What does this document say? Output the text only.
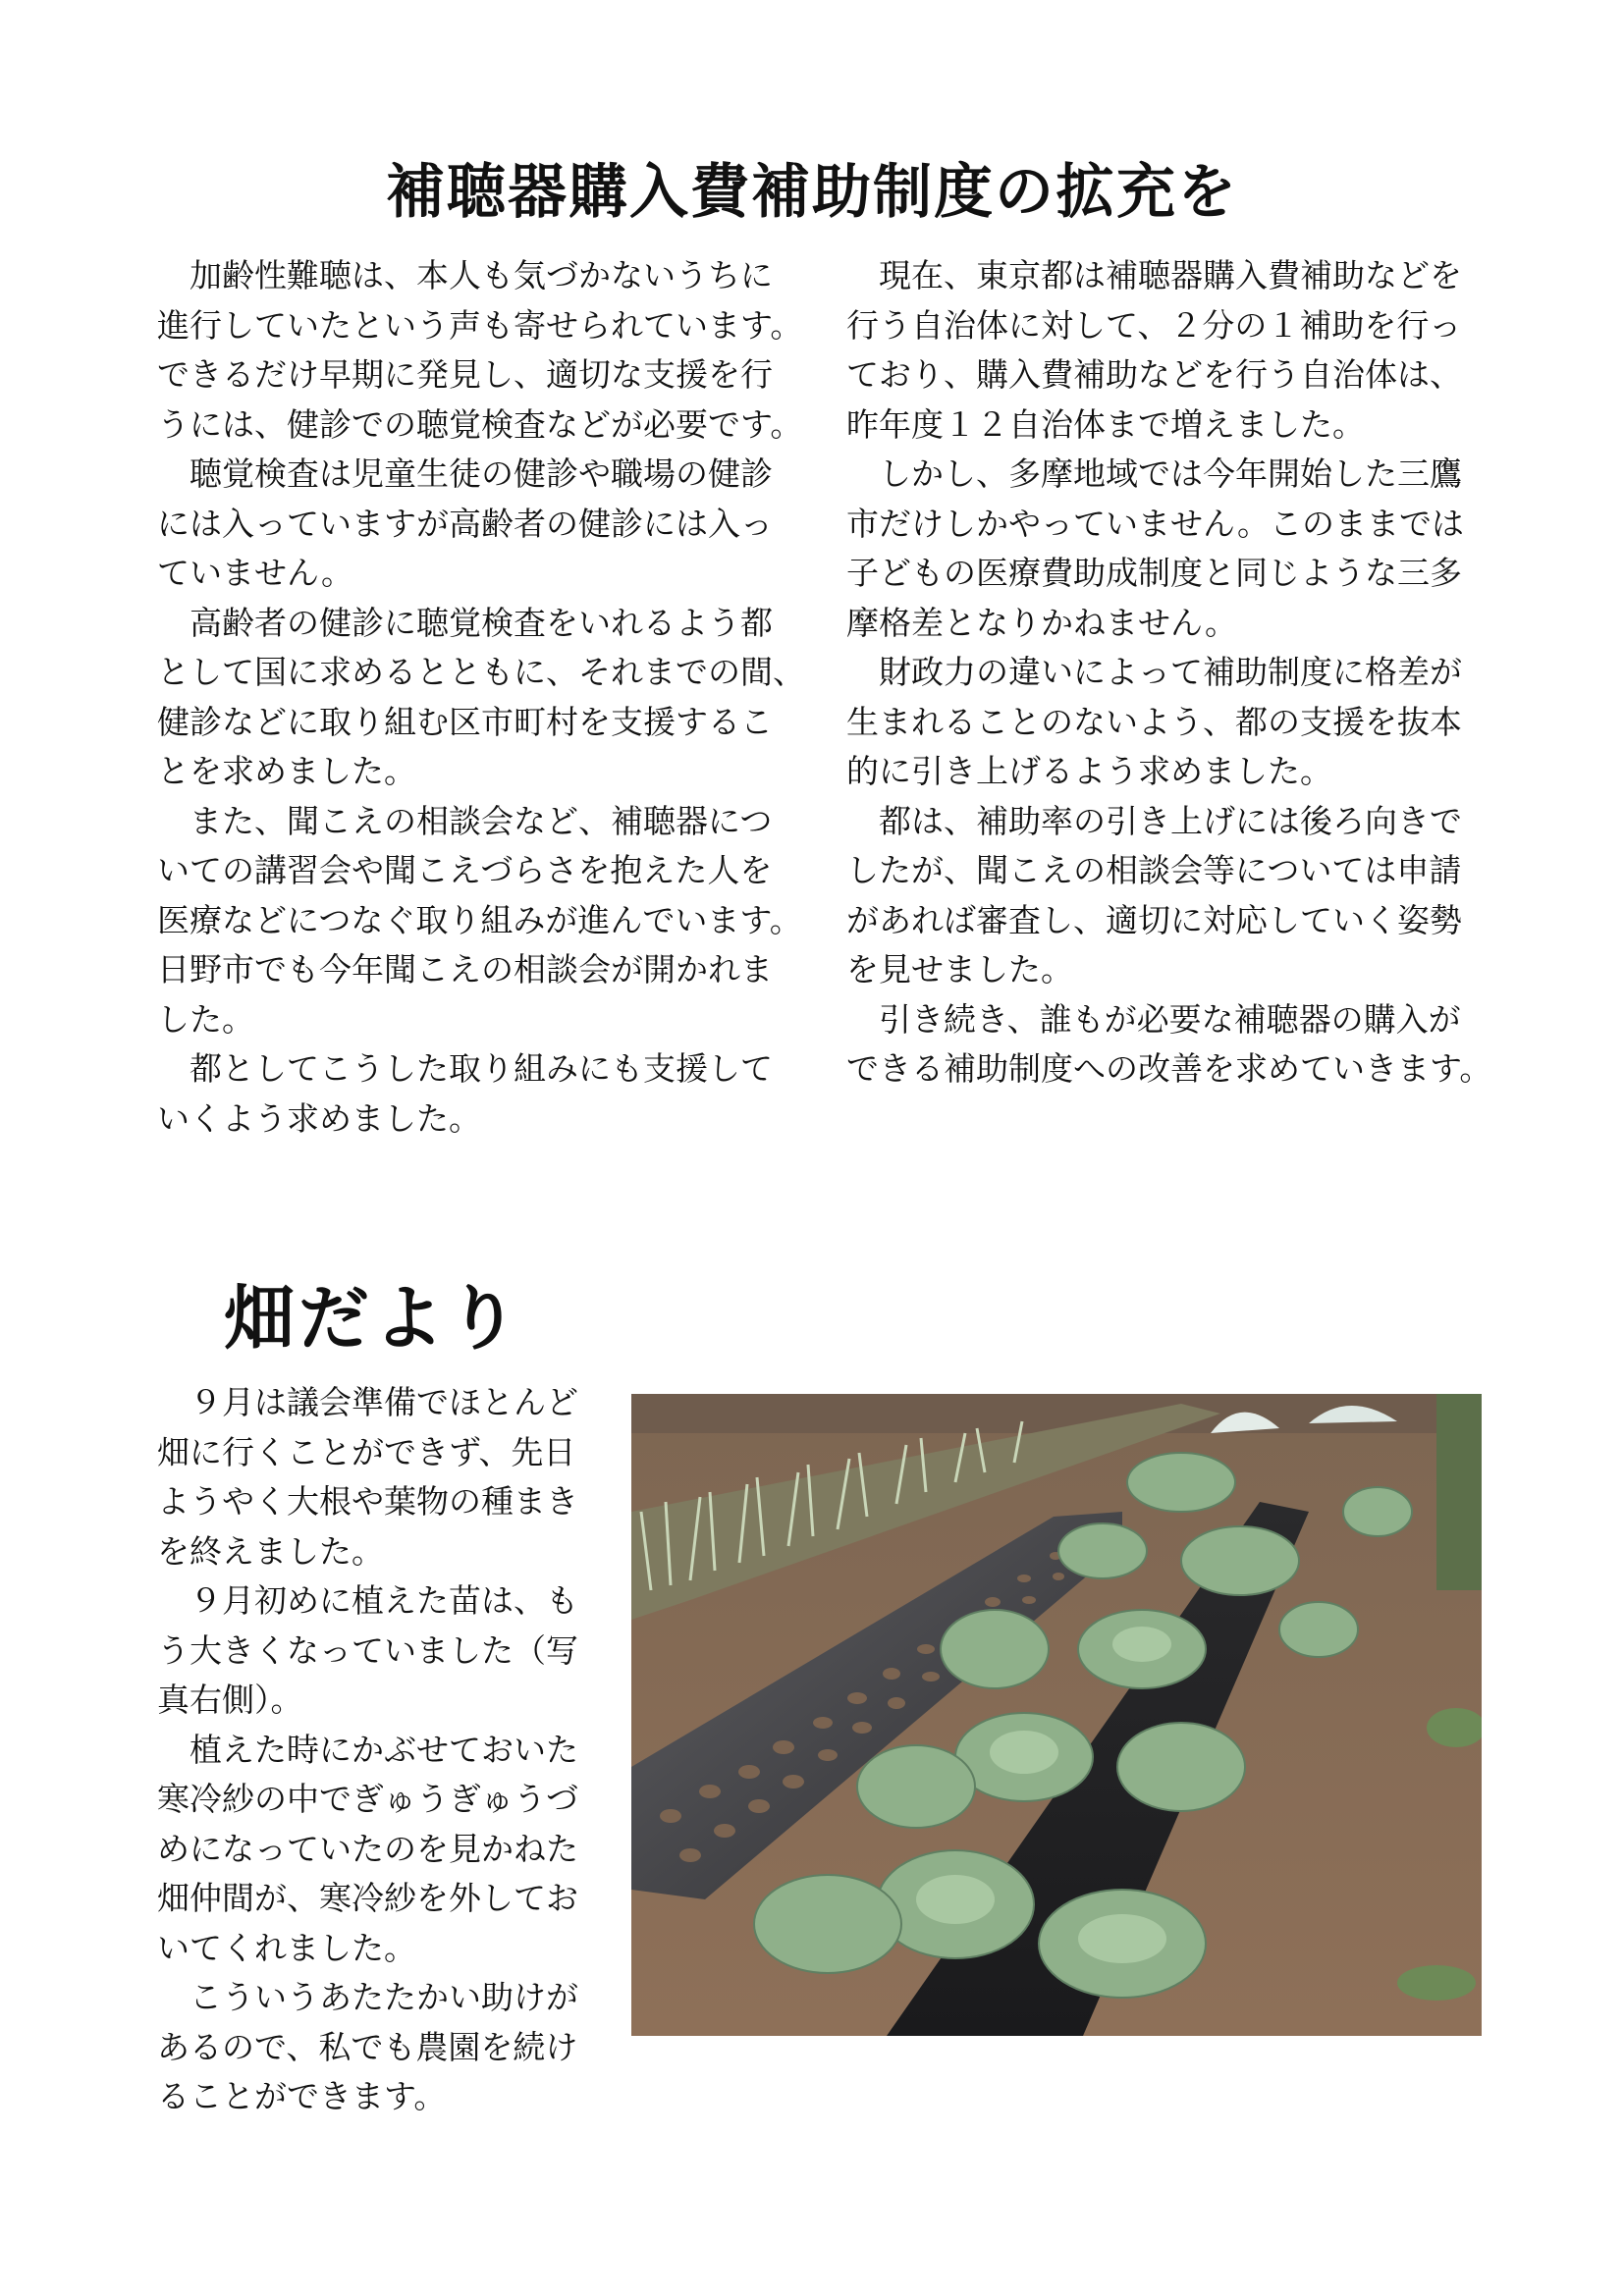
補聴器購入費補助制度の拡充を

　加齢性難聴は、本人も気づかないうちに

進行していたという声も寄せられています。

できるだけ早期に発見し、適切な支援を行

うには、健診での聴覚検査などが必要です。

　聴覚検査は児童生徒の健診や職場の健診

には入っていますが高齢者の健診には入っ

ていません。

　高齢者の健診に聴覚検査をいれるよう都

として国に求めるとともに、それまでの間、

健診などに取り組む区市町村を支援するこ

とを求めました。

　また、聞こえの相談会など、補聴器につ

いての講習会や聞こえづらさを抱えた人を

医療などにつなぐ取り組みが進んでいます。

日野市でも今年聞こえの相談会が開かれま

した。

　都としてこうした取り組みにも支援して

いくよう求めました。

　現在、東京都は補聴器購入費補助などを

行う自治体に対して、２分の１補助を行っ

ており、購入費補助などを行う自治体は、

昨年度１２自治体まで増えました。

　しかし、多摩地域では今年開始した三鷹

市だけしかやっていません。このままでは

子どもの医療費助成制度と同じような三多

摩格差となりかねません。

　財政力の違いによって補助制度に格差が

生まれることのないよう、都の支援を抜本

的に引き上げるよう求めました。

　都は、補助率の引き上げには後ろ向きで

したが、聞こえの相談会等については申請

があれば審査し、適切に対応していく姿勢

を見せました。

　引き続き、誰もが必要な補聴器の購入が

できる補助制度への改善を求めていきます。

畑だより

　９月は議会準備でほとんど

畑に行くことができず、先日

ようやく大根や葉物の種まき

を終えました。

　９月初めに植えた苗は、も

う大きくなっていました（写

真右側）。

　植えた時にかぶせておいた

寒冷紗の中でぎゅうぎゅうづ

めになっていたのを見かねた

畑仲間が、寒冷紗を外してお

いてくれました。

　こういうあたたかい助けが

あるので、私でも農園を続け

ることができます。
